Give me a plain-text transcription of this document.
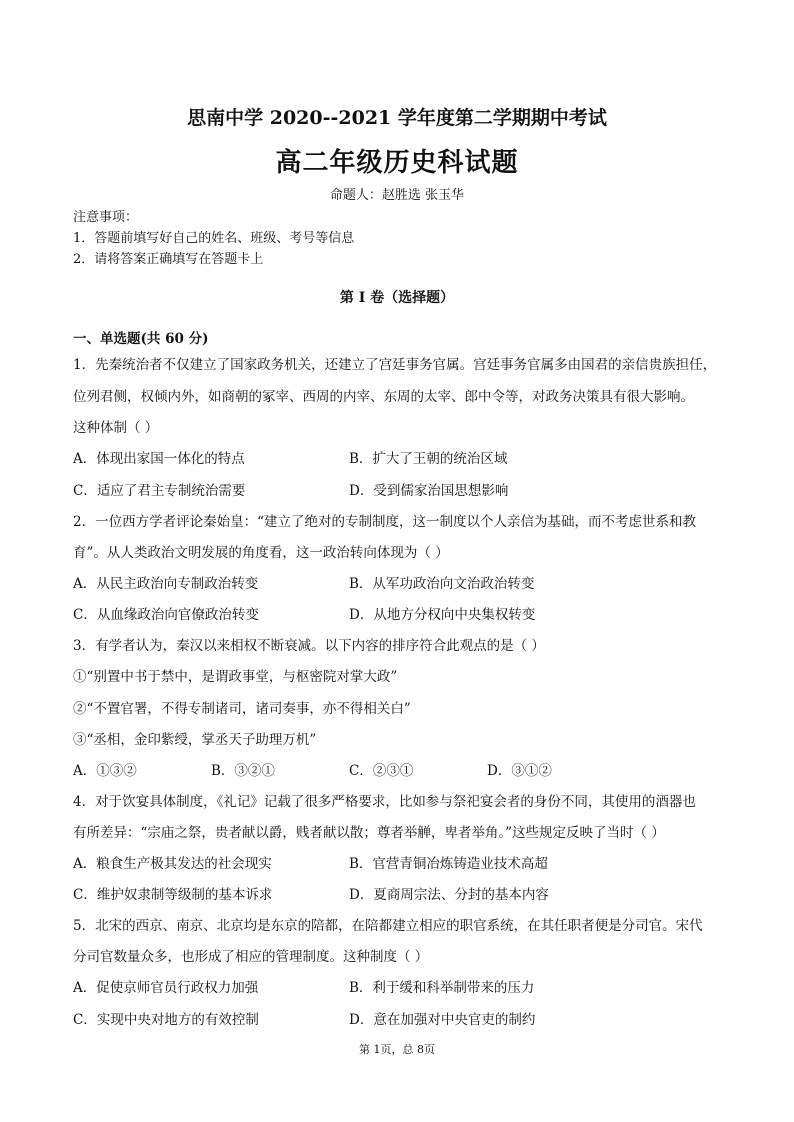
思南中学 2020--2021 学年度第二学期期中考试
高二年级历史科试题
命题人：赵胜选 张玉华
注意事项：
1．答题前填写好自己的姓名、班级、考号等信息
2．请将答案正确填写在答题卡上
第 I 卷（选择题）
一、单选题(共 60 分)
1．先秦统治者不仅建立了国家政务机关，还建立了宫廷事务官属。宫廷事务官属多由国君的亲信贵族担任，
位列君侧，权倾内外，如商朝的冢宰、西周的内宰、东周的太宰、郎中令等，对政务决策具有很大影响。
这种体制（ ）
A．体现出家国一体化的特点	B．扩大了王朝的统治区域
C．适应了君主专制统治需要	D．受到儒家治国思想影响
2．一位西方学者评论秦始皇：“建立了绝对的专制制度，这一制度以个人亲信为基础，而不考虑世系和教
育”。从人类政治文明发展的角度看，这一政治转向体现为（ ）
A．从民主政治向专制政治转变	B．从军功政治向文治政治转变
C．从血缘政治向官僚政治转变	D．从地方分权向中央集权转变
3．有学者认为，秦汉以来相权不断衰减。以下内容的排序符合此观点的是（ ）
①“别置中书于禁中，是谓政事堂，与枢密院对掌大政”
②“不置官署，不得专制诸司，诸司奏事，亦不得相关白”
③“丞相，金印紫绶，掌丞天子助理万机”
A．①③②	B．③②①	C．②③①	D．③①②
4．对于饮宴具体制度，《礼记》记载了很多严格要求，比如参与祭祀宴会者的身份不同，其使用的酒器也
有所差异：“宗庙之祭，贵者献以爵，贱者献以散；尊者举觯，卑者举角。”这些规定反映了当时（ ）
A．粮食生产极其发达的社会现实	B．官营青铜冶炼铸造业技术高超
C．维护奴隶制等级制的基本诉求	D．夏商周宗法、分封的基本内容
5．北宋的西京、南京、北京均是东京的陪都，在陪都建立相应的职官系统，在其任职者便是分司官。宋代
分司官数量众多，也形成了相应的管理制度。这种制度（ ）
A．促使京师官员行政权力加强	B．利于缓和科举制带来的压力
C．实现中央对地方的有效控制	D．意在加强对中央官吏的制约
第 1页，总 8页
